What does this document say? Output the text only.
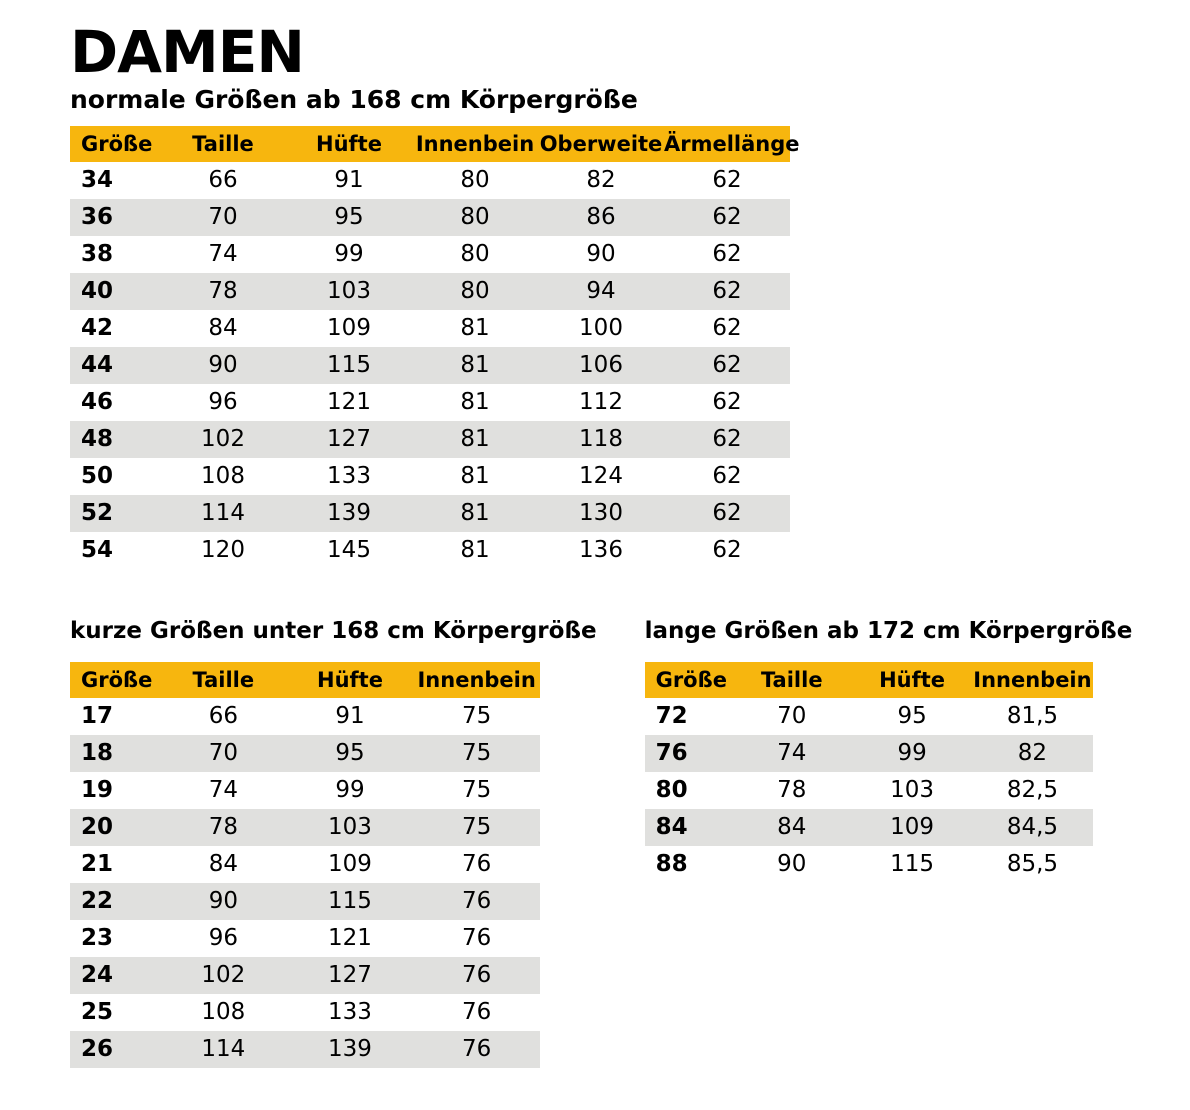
DAMEN

normale Größen ab 168 cm Körpergröße

Größe	Taille	Hüfte	Innenbein	Oberweite	Ärmellänge
34	66	91	80	82	62
36	70	95	80	86	62
38	74	99	80	90	62
40	78	103	80	94	62
42	84	109	81	100	62
44	90	115	81	106	62
46	96	121	81	112	62
48	102	127	81	118	62
50	108	133	81	124	62
52	114	139	81	130	62
54	120	145	81	136	62
kurze Größen unter 168 cm Körpergröße
Größe	Taille	Hüfte	Innenbein
17	66	91	75
18	70	95	75
19	74	99	75
20	78	103	75
21	84	109	76
22	90	115	76
23	96	121	76
24	102	127	76
25	108	133	76
26	114	139	76
lange Größen ab 172 cm Körpergröße
Größe	Taille	Hüfte	Innenbein
72	70	95	81,5
76	74	99	82
80	78	103	82,5
84	84	109	84,5
88	90	115	85,5
